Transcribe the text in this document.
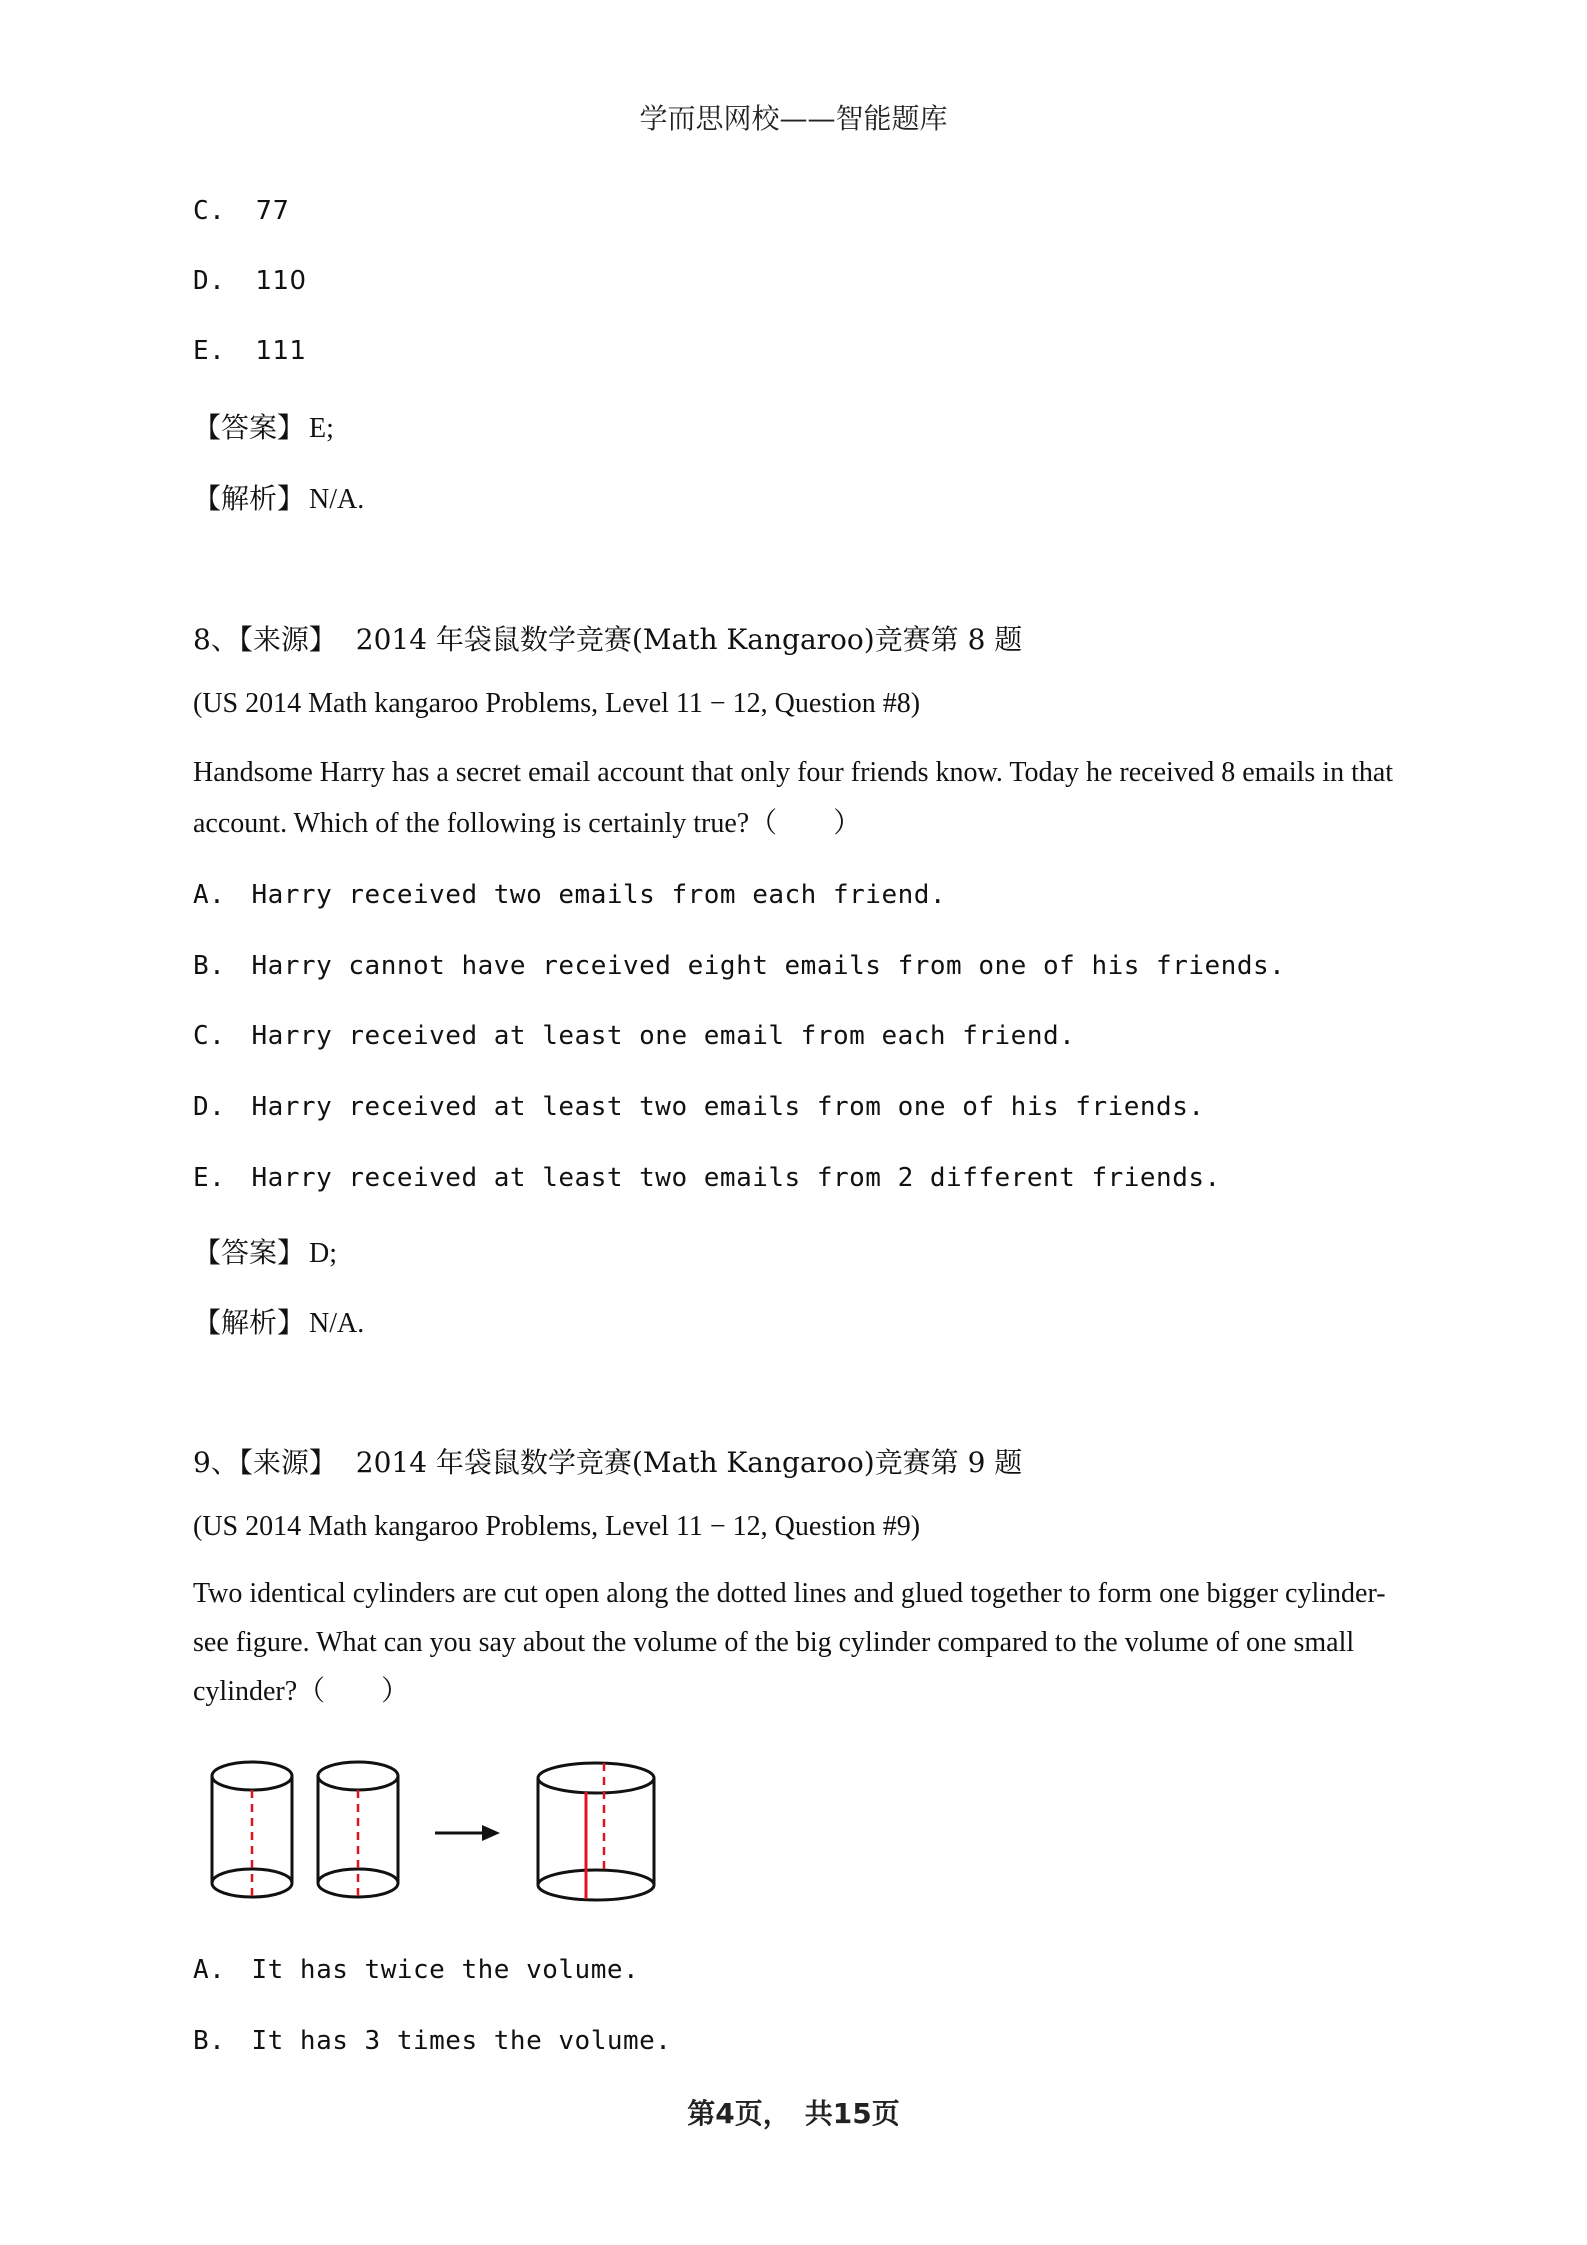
学而思网校——智能题库
C. 77
D. 110
E. 111
【答案】 E;
【解析】 N/A.
8、【来源】 2014 年袋鼠数学竞赛(Math Kangaroo)竞赛第 8 题
(US 2014 Math kangaroo Problems, Level 11 − 12, Question #8)
Handsome Harry has a secret email account that only four friends know. Today he received 8 emails in that account. Which of the following is certainly true?（　　）
A. Harry received two emails from each friend.
B. Harry cannot have received eight emails from one of his friends.
C. Harry received at least one email from each friend.
D. Harry received at least two emails from one of his friends.
E. Harry received at least two emails from 2 different friends.
【答案】 D;
【解析】 N/A.
9、【来源】 2014 年袋鼠数学竞赛(Math Kangaroo)竞赛第 9 题
(US 2014 Math kangaroo Problems, Level 11 − 12, Question #9)
Two identical cylinders are cut open along the dotted lines and glued together to form one bigger cylinder-see figure. What can you say about the volume of the big cylinder compared to the volume of one small cylinder?（　　）
A. It has twice the volume.
B. It has 3 times the volume.
第4页，　共15页
